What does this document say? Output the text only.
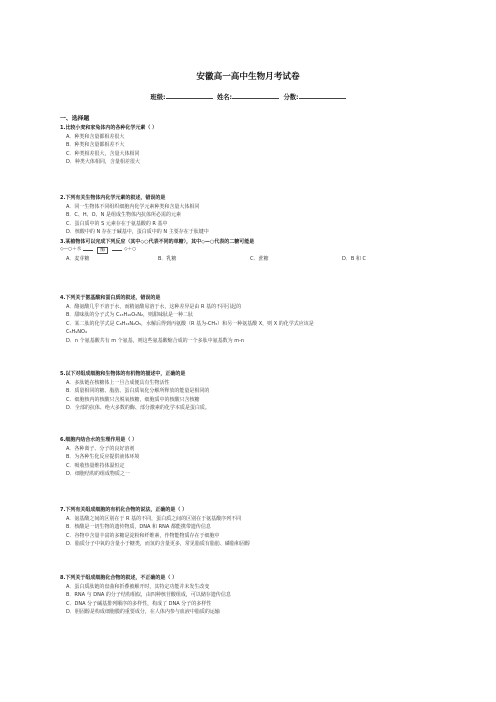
安徽高一高中生物月考试卷
班级:	姓名:	分数:
一、选择题
1.比较小麦和家兔体内的各种化学元素（ ）
A．种类和含量都相差很大
B．种类和含量都相差不大
C．种类相差很大，含量大体相同
D．种类大体相同，含量相差很大
2.下列有关生物体内化学元素的叙述，错误的是
A．同一生物体不同组织细胞内化学元素种类和含量大体相同
B．C、H、O、N 是组成生物体内抗体所必需的元素
C．蛋白质中的 S 元素存在于氨基酸的 R 基中
D．核酸中的 N 存在于碱基中，蛋白质中的 N 主要存在于肽键中
3.某植物体可以完成下列反应（其中◇○代表不同的单糖），其中◇—○代表的二糖可能是
◇—○＋水	酶	◇＋○
A．麦芽糖	B．乳糖	C．蔗糖	D．B 和 C
4.下列关于氨基酸和蛋白质的叙述，错误的是
A．酪氨酸几乎不溶于水，而精氨酸易溶于水，这种差异是由 R 基的不同引起的
B．甜味肽的分子式为 C₁₃H₁₆O₅N₂，则甜味肽是一种二肽
C．某二肽的化学式是 C₈H₁₄N₂O₅，水解后得到丙氨酸（R 基为-CH₃）和另一种氨基酸 X，则 X 的化学式应该是
C₅H₉NO₄
D．n 个氨基酸共有 m 个氨基，则这些氨基酸缩合成的一个多肽中氨基数为 m-n
5.以下对组成细胞和生物体的有机物的描述中，正确的是
A．多肽链在核糖体上一旦合成便具有生物活性
B．质量相同的糖、脂肪、蛋白质氧化分解所释放的能量是相同的
C．细胞核内的核酸只含脱氧核糖，细胞质中的核酸只含核糖
D．全部的抗体、绝大多数的酶、部分激素的化学本质是蛋白质。
6.细胞内结合水的生理作用是（ ）
A．各种离子、分子的良好溶剂
B．为各种生化反应提供液体环境
C．吸收热量维持体温恒定
D．细胞结构的组成物质之一
7.下列有关组成细胞的有机化合物的说法，正确的是（ ）
A．氨基酸之间的区别在于 R 基的不同，蛋白质之间的区别在于氨基酸序列不同
B．核酸是一切生物的遗传物质，DNA 和 RNA 都能携带遗传信息
C．谷物中含量丰富的多糖是淀粉和纤维素，作物能物质存在于细胞中
D．脂质分子中氧的含量小于糖类，而氢的含量更多，常见脂质有脂肪、磷脂和固醇
8.下列关于组成细胞化合物的叙述，不正确的是（ ）
A．蛋白质肽链的盘曲和折叠被解开时，其特定功能并未发生改变
B．RNA 与 DNA 的分子结构相似，由四种核苷酸组成，可以储存遗传信息
C．DNA 分子碱基排列顺序的多样性，构成了 DNA 分子的多样性
D．胆固醇是构成细胞膜的重要成分，在人体内参与血液中脂质的运输
